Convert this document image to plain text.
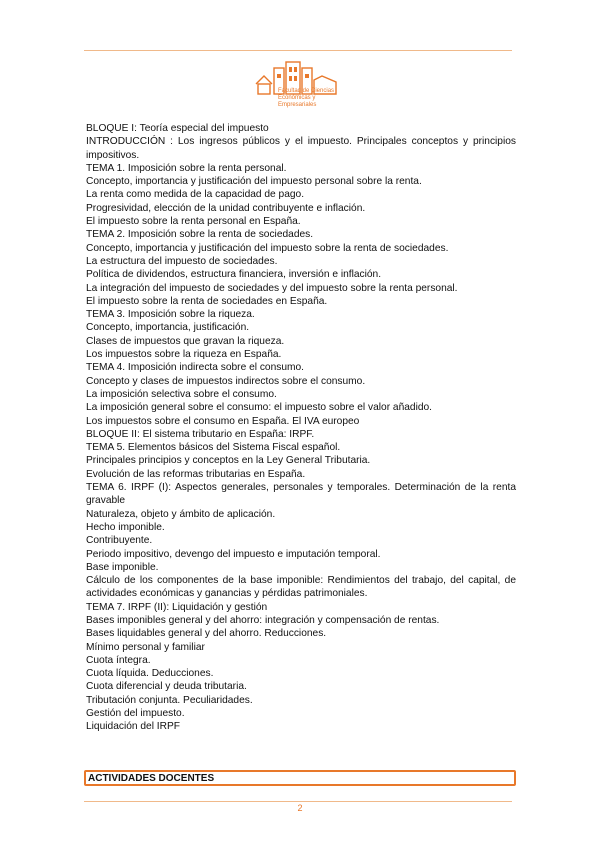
Facultad de Ciencias
Económicas y Empresariales
BLOQUE I: Teoría especial del impuesto
INTRODUCCIÓN : Los ingresos públicos y el impuesto. Principales conceptos y principios impositivos.
TEMA 1. Imposición sobre la renta personal.
Concepto, importancia y justificación del impuesto personal sobre la renta.
La renta como medida de la capacidad de pago.
Progresividad, elección de la unidad contribuyente e inflación.
El impuesto sobre la renta personal en España.
TEMA 2. Imposición sobre la renta de sociedades.
Concepto, importancia y justificación del impuesto sobre la renta de sociedades.
La estructura del impuesto de sociedades.
Política de dividendos, estructura financiera, inversión e inflación.
La integración del impuesto de sociedades y del impuesto sobre la renta personal.
El impuesto sobre la renta de sociedades en España.
TEMA 3. Imposición sobre la riqueza.
Concepto, importancia, justificación.
Clases de impuestos que gravan la riqueza.
Los impuestos sobre la riqueza en España.
TEMA 4. Imposición indirecta sobre el consumo.
Concepto y clases de impuestos indirectos sobre el consumo.
La imposición selectiva sobre el consumo.
La imposición general sobre el consumo: el impuesto sobre el valor añadido.
Los impuestos sobre el consumo en España. El IVA europeo
BLOQUE II: El sistema tributario en España: IRPF.
TEMA 5. Elementos básicos del Sistema Fiscal español.
Principales principios y conceptos en la Ley General Tributaria.
Evolución de las reformas tributarias en España.
TEMA 6. IRPF (I): Aspectos generales, personales y temporales. Determinación de la renta gravable
Naturaleza, objeto y ámbito de aplicación.
Hecho imponible.
Contribuyente.
Periodo impositivo, devengo del impuesto e imputación temporal.
Base imponible.
Cálculo de los componentes de la base imponible: Rendimientos del trabajo, del capital, de actividades económicas y ganancias y pérdidas patrimoniales.
TEMA 7. IRPF (II): Liquidación y gestión
Bases imponibles general y del ahorro: integración y compensación de rentas.
Bases liquidables general y del ahorro. Reducciones.
Mínimo personal y familiar
Cuota íntegra.
Cuota líquida. Deducciones.
Cuota diferencial y deuda tributaria.
Tributación conjunta. Peculiaridades.
Gestión del impuesto.
Liquidación del IRPF
ACTIVIDADES DOCENTES
2
